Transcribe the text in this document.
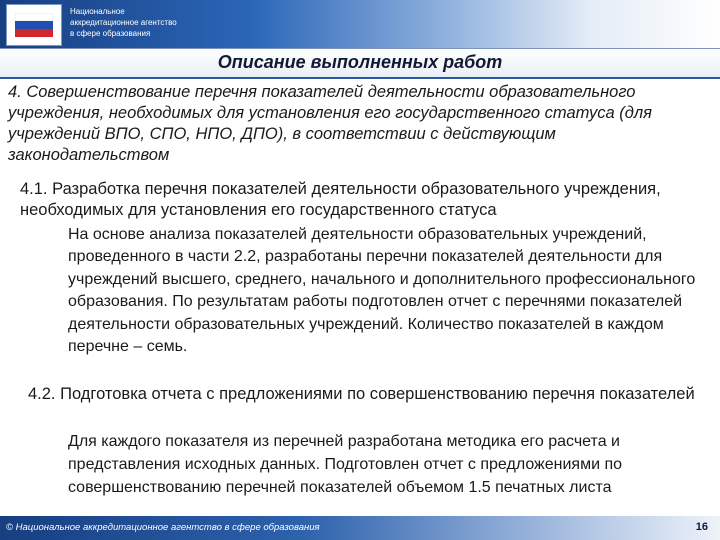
Национальное
аккредитационное агентство
в сфере образования
Описание выполненных работ
4. Совершенствование перечня показателей деятельности образовательного учреждения, необходимых для установления его государственного статуса (для учреждений ВПО, СПО, НПО, ДПО), в соответствии с действующим законодательством
4.1. Разработка перечня показателей деятельности образовательного учреждения, необходимых для установления его государственного статуса
На основе анализа показателей деятельности образовательных учреждений, проведенного в части 2.2, разработаны перечни показателей деятельности для учреждений высшего, среднего, начального и дополнительного профессионального образования. По результатам работы подготовлен отчет с перечнями показателей деятельности образовательных учреждений. Количество показателей в каждом перечне – семь.
4.2. Подготовка отчета с предложениями по совершенствованию перечня показателей
Для каждого показателя из перечней разработана методика его расчета и представления исходных данных. Подготовлен отчет с предложениями по совершенствованию перечней показателей объемом 1.5 печатных листа
© Национальное аккредитационное агентство в сфере образования	16
